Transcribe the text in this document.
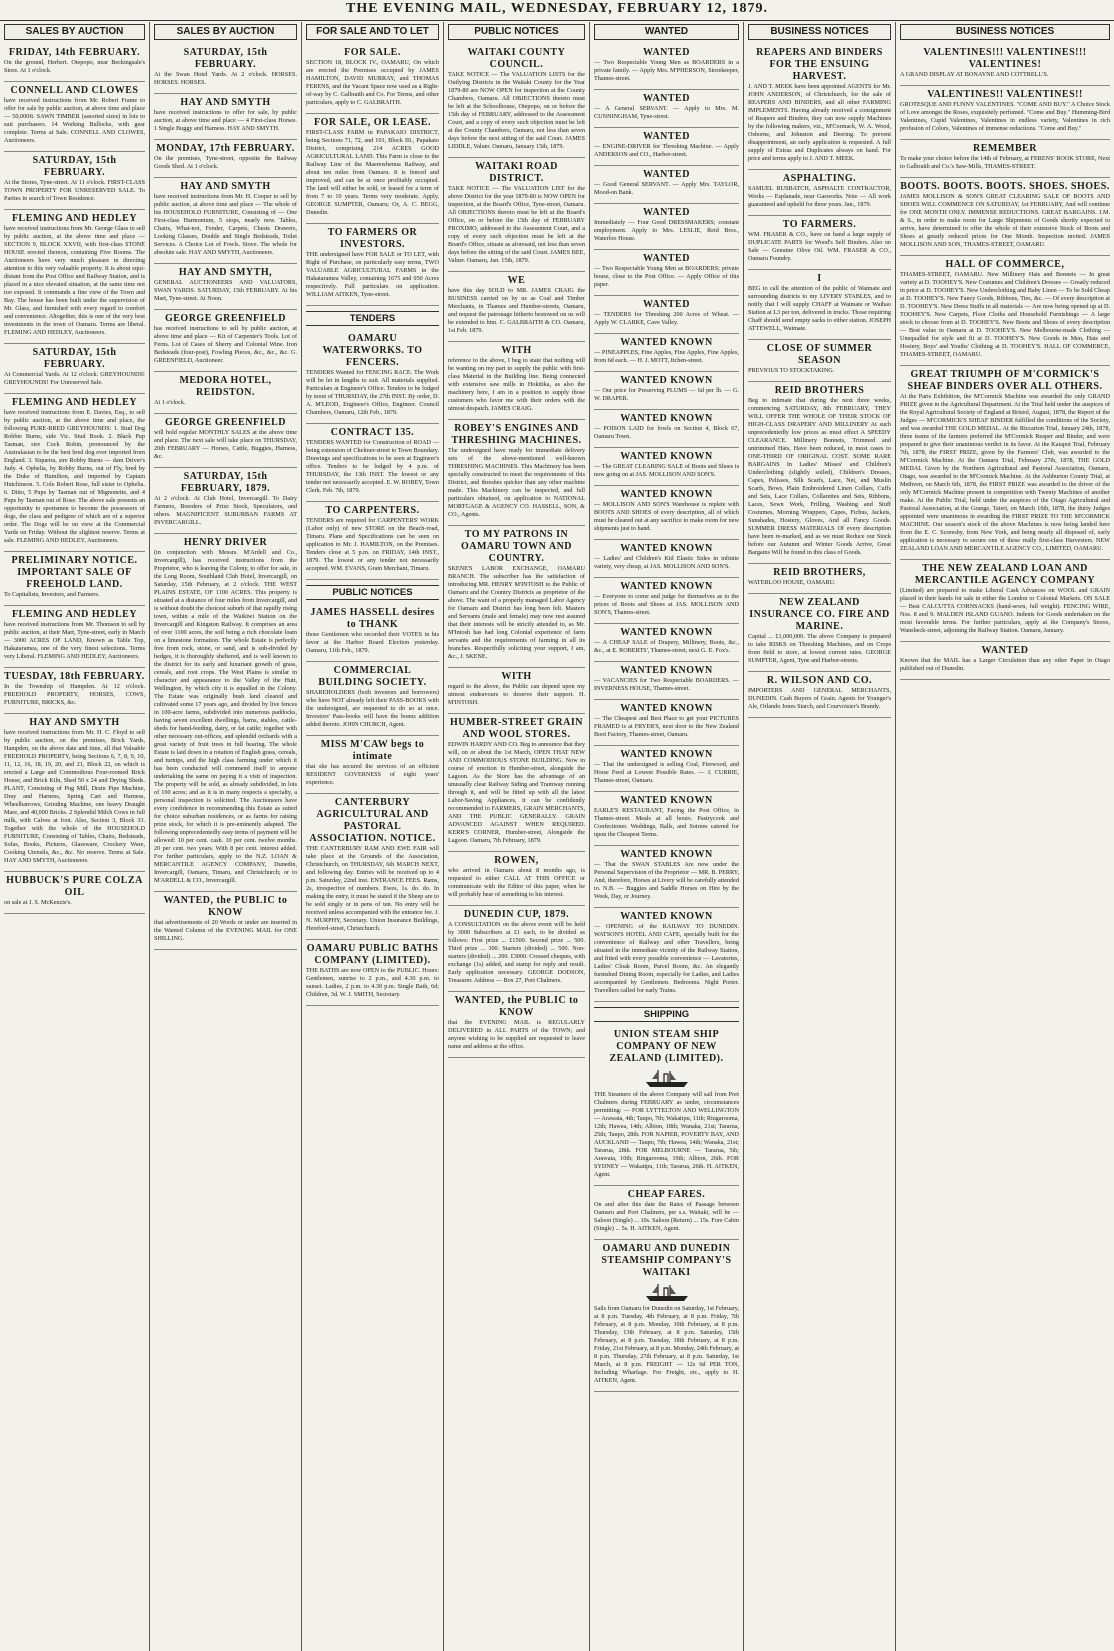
THE EVENING MAIL, WEDNESDAY, FEBRUARY 12, 1879.
SALES BY AUCTION
FRIDAY, 14th FEBRUARY.

On the ground, Herbert. Otepopo, near Beckingsale's Store. At 1 o'clock.

CONNELL AND CLOWES

have received instructions from Mr. Robert Frame to offer for sale by public auction, at above time and place — 50,000ft. SAWN TIMBER (assorted sizes) in lots to suit purchasers. 14 Working Bullocks, with gear complete. Terms at Sale. CONNELL AND CLOWES, Auctioneers.

SATURDAY, 15th FEBRUARY.

At the Stores, Tyne-street. At 11 o'clock. FIRST-CLASS TOWN PROPERTY FOR UNRESERVED SALE. To Parties in search of Town Residence.

FLEMING AND HEDLEY

have received instructions from Mr. George Glass to sell by public auction, at the above time and place — SECTION 9, BLOCK XXVII, with first-class STONE HOUSE erected thereon, containing Five Rooms. The Auctioneers have very much pleasure in directing attention to this very valuable property. It is about equi-distant from the Post Office and Railway Station, and is placed in a nice elevated situation, at the same time not too exposed. It commands a fine view of the Town and Bay. The house has been built under the supervision of Mr. Glass, and furnished with every regard to comfort and convenience. Altogether, this is one of the very best investments in the town of Oamaru. Terms are liberal. FLEMING AND HEDLEY, Auctioneers.

SATURDAY, 15th FEBRUARY.

At Commercial Yards. At 12 o'clock. GREYHOUNDS! GREYHOUNDS! For Unreserved Sale.

FLEMING AND HEDLEY

have received instructions from E. Davies, Esq., to sell by public auction, at the above time and place, the following PURE-BRED GREYHOUNDS: 1. Stud Dog Robbie Burns, side Vic. Stud Book. 2. Black Pup Tasman, sire Cock Robin, pronounced by the Australasian to be the best bred dog ever imported from England. 3. Siqueira, sire Robby Burns — dam Driver's Judy. 4. Ophelia, by Robby Burns, out of Fly, bred by the Duke of Hamilton, and imported by Captain Hutchinson. 5. Cole Robert Rose, full sister to Ophelia. 6. Ditto, 5 Pups by Tasman out of Mignonette, and 4 Pups by Tasman out of Rose. The above sale presents an opportunity to sportsmen to become the possessors of dogs, the class and pedigree of which are of a superior order. The Dogs will be on view at the Commercial Yards on Friday. Without the slightest reserve. Terms at sale. FLEMING AND HEDLEY, Auctioneers.

PRELIMINARY NOTICE. IMPORTANT SALE OF FREEHOLD LAND.

To Capitalists, Investors, and Farmers.

FLEMING AND HEDLEY

have received instructions from Mr. Thomson to sell by public auction, at their Mart, Tyne-street, early in March — 3000 ACRES OF LAND, Known as Table Top, Hakataramea, one of the very finest selections. Terms very Liberal. FLEMING AND HEDLEY, Auctioneers.

TUESDAY, 18th FEBRUARY.

In the Township of Hampden. At 12 o'clock. FREEHOLD PROPERTY, HORSES, COWS, FURNITURE, BRICKS, &c.

HAY AND SMYTH

have received instructions from Mr. H. C. Floyd to sell by public auction, on the premises, Brick Yards, Hampden, on the above date and time, all that Valuable FREEHOLD PROPERTY, being Sections 6, 7, 8, 9, 10, 11, 12, 16, 18, 19, 20, and 21, Block 22, on which is erected a Large and Commodious Four-roomed Brick House, and Brick Kiln, Shed 50 x 24 and Drying Sheds. PLANT, Consisting of Pug Mill, Drain Pipe Machine, Dray and Harness, Spring Cart and Harness, Wheelbarrows, Grinding Machine, one heavy Draught Mare, and 40,000 Bricks. 2 Splendid Milch Cows in full milk, with Calves at foot. Also, Section 3, Block 33. Together with the whole of the HOUSEHOLD FURNITURE, Consisting of Tables, Chairs, Bedsteads, Sofas, Books, Pictures, Glassware, Crockery Ware, Cooking Utensils, &c., &c. No reserve. Terms at Sale. HAY AND SMYTH, Auctioneers.

HUBBUCK'S PURE COLZA OIL

on sale at J. S. McKenzie's.

SALES BY AUCTION
SATURDAY, 15th FEBRUARY.

At the Swan Hotel Yards. At 2 o'clock. HORSES. HORSES. HORSES.

HAY AND SMYTH

have received instructions to offer for sale, by public auction, at above time and place — 4 First-class Horses. 1 Single Buggy and Harness. HAY AND SMYTH.

MONDAY, 17th FEBRUARY.

On the premises, Tyne-street, opposite the Railway Goods Shed. At 1 o'clock.

HAY AND SMYTH

have received instructions from Mr. H. Cooper to sell by public auction, at above time and place — The whole of his HOUSEHOLD FURNITURE, Consisting of — One First-class Harmonium, 5 stops, nearly new. Tables, Chairs, What-not, Fender, Carpets, Chests Drawers, Looking Glasses, Double and Single Bedsteads, Toilet Services. A Choice Lot of Fowls. Stove. The whole for absolute sale. HAY AND SMYTH, Auctioneers.

HAY AND SMYTH,

GENERAL AUCTIONEERS AND VALUATORS, SWAN YARDS. SATURDAY, 15th FEBRUARY. At his Mart, Tyne-street. At Noon.

GEORGE GREENFIELD

has received instructions to sell by public auction, at above time and place — Kit of Carpenter's Tools. Lot of Ferns. Lot of Cases of Sherry and Colonial Wine. Iron Bedsteads (four-post), Fowling Pieces, &c., &c., &c. G. GREENFIELD, Auctioneer.

MEDORA HOTEL, REIDSTON.

At 1 o'clock.

GEORGE GREENFIELD

will hold regular MONTHLY SALES at the above time and place. The next sale will take place on THURSDAY, 20th FEBRUARY — Horses, Cattle, Buggies, Harness, &c.

SATURDAY, 15th FEBRUARY, 1879.

At 2 o'clock. At Club Hotel, Invercargill. To Dairy Farmers, Breeders of Prize Stock, Speculators, and others. MAGNIFICENT SUBURBAN FARMS AT INVERCARGILL.

HENRY DRIVER

(in conjunction with Messrs. M'Ardell and Co., Invercargill), has received instructions from the Proprietor, who is leaving the Colony, to offer for sale, in the Long Room, Southland Club Hotel, Invercargill, on Saturday, 15th February, at 2 o'clock. THE WEST PLAINS ESTATE, OF 1100 ACRES. This property is situated at a distance of four miles from Invercargill, and is without doubt the choicest suburb of that rapidly rising town, within a mile of the Waikiwi Station on the Invercargill and Kingston Railway. It comprises an area of over 1100 acres, the soil being a rich chocolate loam on a limestone formation. The whole Estate is perfectly free from rock, stone, or sand, and is sub-divided by hedges, it is thoroughly sheltered, and is well known to the district for its early and luxuriant growth of grass, cereals, and root crops. The West Plains is similar in character and appearance to the Valley of the Hutt, Wellington, by which city it is equalled in the Colony. The Estate was originally bush land cleared and cultivated some 17 years ago, and divided by live fences in 100-acre farms, subdivided into numerous paddocks, having seven excellent dwellings, barns, stables, cattle-sheds for hand-feeding, dairy, or fat cattle; together with other necessary out-offices, and splendid orchards with a great variety of fruit trees in full bearing. The whole Estate is laid down in a rotation of English grass, cereals, and turnips, and the high class farming under which it has been conducted will commend itself to anyone undertaking the same on paying it a visit of inspection. The property will be sold, as already subdivided, in lots of 100 acres; and as it is in many respects a specialty, a personal inspection is solicited. The Auctioneers have every confidence in recommending this Estate as suited for choice suburban residences, or as farms for raising prize stock, for which it is pre-eminently adapted. The following unprecedentedly easy terms of payment will be allowed: 10 per cent. cash. 10 per cent. twelve months. 20 per cent. two years. With 8 per cent. interest added. For further particulars, apply to the N.Z. LOAN & MERCANTILE AGENCY COMPANY, Dunedin, Invercargill, Oamaru, Timaru, and Christchurch; or to M'ARDELL & CO., Invercargill.

WANTED, the PUBLIC to KNOW

that advertisements of 20 Words or under are inserted in the Wanted Column of the EVENING MAIL for ONE SHILLING.

FOR SALE AND TO LET
FOR SALE.

SECTION 18, BLOCK IV., OAMARU, On which are erected the Premises occupied by JAMES HAMILTON, DAVID MURRAY, and THOMAS FERENS, and the Vacant Space now used as a Right-of-way by C. Galbraith and Co. For Terms, and other particulars, apply to C. GALBRAITH.

FOR SALE, OR LEASE.

FIRST-CLASS FARM in PAPAKAIO DISTRICT, being Sections 71, 72, and 101, Block III., Papakaio District, comprising 214 ACRES GOOD AGRICULTURAL LAND. This Farm is close to the Railway Line of the Maerewhenua Railway, and about ten miles from Oamaru. It is fenced and improved, and can be at once profitably occupied. The land will either be sold, or leased for a term of from 7 to 10 years. Terms very moderate. Apply, GEORGE SUMPTER, Oamaru; Or, A. C. BEGG, Dunedin.

TO FARMERS OR INVESTORS.

THE undersigned have FOR SALE or TO LET, with Right of Purchase, on particularly easy terms, TWO VALUABLE AGRICULTURAL FARMS in the Hakataramea Valley, containing 1675 and 950 Acres respectively. Full particulars on application. WILLIAM AITKEN, Tyne-street.

TENDERS
OAMARU WATERWORKS. TO FENCERS.

TENDERS Wanted for FENCING RACE. The Work will be let in lengths to suit. All materials supplied. Particulars at Engineer's Office. Tenders to be lodged by noon of THURSDAY, the 27th INST. By order, D. A. M'LEOD, Engineer's Office, Engineer. Council Chambers, Oamaru, 12th Feb., 1879.

CONTRACT 135.

TENDERS WANTED for Construction of ROAD — being extension of Chelmer-street to Town Boundary. Drawings and specifications to be seen at Engineer's office. Tenders to be lodged by 4 p.m. of THURSDAY, the 13th INST. The lowest or any tender not necessarily accepted. E. W. ROBEY, Town Clerk. Feb. 7th, 1879.

TO CARPENTERS.

TENDERS are required for CARPENTERS' WORK (Labor only) of new STORE on the Beach-road, Timaru. Plans and Specifications can be seen on application to Mr. J. HAMILTON, on the Premises. Tenders close at 5 p.m. on FRIDAY, 14th INST., 1879. The lowest or any tender not necessarily accepted. WM. EVANS, Grain Merchant, Timaru.

PUBLIC NOTICES
JAMES HASSELL desires to THANK

those Gentlemen who recorded their VOTES in his favor at the Harbor Board Election yesterday. Oamaru, 11th Feb., 1879.

COMMERCIAL BUILDING SOCIETY.

SHAREHOLDERS (both investors and borrowers) who have NOT already left their PASS-BOOKS with the undersigned, are requested to do so at once. Investors' Pass-books will have the bonus addition added thereto. JOHN CHURCH, Agent.

MISS M'CAW begs to intimate

that she has secured the services of an efficient RESIDENT GOVERNESS of eight years' experience.

CANTERBURY AGRICULTURAL AND PASTORAL ASSOCIATION. NOTICE.

THE CANTERBURY RAM AND EWE FAIR will take place at the Grounds of the Association, Christchurch, on THURSDAY, 6th MARCH NEXT, and following day. Entries will be received up to 4 p.m. Saturday, 22nd inst. ENTRANCE FEES. Rams, 2s, irrespective of numbers. Ewes, 1s. do. do. In making the entry, it must be stated if the Sheep are to be sold singly or in pens of ten. No entry will be received unless accompanied with the entrance fee. J. N. MURPHY, Secretary. Union Insurance Buildings, Hereford-street, Christchurch.

OAMARU PUBLIC BATHS COMPANY (LIMITED).

THE BATHS are now OPEN to the PUBLIC. Hours: Gentlemen, sunrise to 2 p.m., and 4.30 p.m. to sunset. Ladies, 2 p.m. to 4.30 p.m. Single Bath, 6d; Children, 3d. W. J. SMITH, Secretary.

PUBLIC NOTICES
WAITAKI COUNTY COUNCIL.

TAKE NOTICE — The VALUATION LISTS for the Outlying Districts in the Waitaki County for the Year 1879-80 are NOW OPEN for inspection at the County Chambers, Oamaru. All OBJECTIONS thereto must be left at the Schoolhouse, Otepopo, on or before the 15th day of FEBRUARY, addressed to the Assessment Court, and a copy of every such objection must be left at the County Chambers, Oamaru, not less than seven days before the next sitting of the said Court. JAMES LIDDLE, Valuer. Oamaru, January 15th, 1879.

WAITAKI ROAD DISTRICT.

TAKE NOTICE — The VALUATION LIST for the above District for the year 1879-80 is NOW OPEN for inspection, at the Board's Office, Tyne-street, Oamaru. All OBJECTIONS thereto must be left at the Board's Office, on or before the 15th day of FEBRUARY PROXIMO, addressed to the Assessment Court, and a copy of every such objection must be left at the Board's Office, situate as aforesaid, not less than seven days before the sitting of the said Court. JAMES BEE, Valuer. Oamaru, Jan. 15th, 1879.

WE

have this day SOLD to MR. JAMES CRAIG the BUSINESS carried on by us as Coal and Timber Merchants, in Thames and Humber-streets, Oamaru, and request the patronage hitherto bestowed on us will be extended to him. C. GALBRAITH & CO. Oamaru, 1st Feb. 1879.

WITH

reference to the above, I beg to state that nothing will be wanting on my part to supply the public with first-class Material in the Building line. Being connected with extensive saw mills in Hokitika, as also the machinery here, I am in a position to supply those customers who favor me with their orders with the utmost despatch. JAMES CRAIG.

ROBEY'S ENGINES AND THRESHING MACHINES.

The undersigned have ready for immediate delivery sets of the above-mentioned well-known THRESHING MACHINES. This Machinery has been specially constructed to meet the requirements of this District, and threshes quicker than any other machine made. This Machinery can be inspected, and full particulars obtained, on application to NATIONAL MORTGAGE & AGENCY CO. HASSELL, SON, & CO., Agents.

TO MY PATRONS IN OAMARU TOWN AND COUNTRY.

SKENE'S LABOR EXCHANGE, OAMARU BRANCH. The subscriber has the satisfaction of introducing MR. HENRY M'INTOSH to the Public of Oamaru and the Country Districts as proprietor of the above. The want of a properly managed Labor Agency for Oamaru and District has long been felt. Masters and Servants (male and female) may now rest assured that their interests will be strictly attended to, as Mr. M'Intosh has had long Colonial experience of farm servants and the requirements of farming in all its branches. Respectfully soliciting your support, I am, &c., J. SKENE.

WITH

regard to the above, the Public can depend upon my utmost endeavours to deserve their support. H. M'INTOSH.

HUMBER-STREET GRAIN AND WOOL STORES.

EDWIN HARDY AND CO. Beg to announce that they will, on or about the 1st March, OPEN THAT NEW AND COMMODIOUS STONE BUILDING. Now in course of erection in Humber-street, alongside the Lagoon. As the Store has the advantage of an unusually clear Railway Siding and Tramway running through it, and will be fitted up with all the latest Labor-Saving Appliances, it can be confidently recommended to FARMERS, GRAIN MERCHANTS, AND THE PUBLIC GENERALLY. GRAIN ADVANCED AGAINST WHEN REQUIRED. KERR'S CORNER, Humber-street, Alongside the Lagoon. Oamaru, 7th February, 1879.

ROWEN,

who arrived in Oamaru about 8 months ago, is requested to either CALL AT THIS OFFICE or communicate with the Editor of this paper, when he will probably hear of something to his interest.

DUNEDIN CUP, 1879.

A CONSULTATION on the above event will be held by 3000 Subscribers at £1 each, to be divided as follows: First prize ... £1500. Second prize ... 500. Third prize ... 300. Starters (divided) ... 500. Non-starters (divided) ... 200. £3000. Crossed cheques, with exchange (1s) added, and stamp for reply and result. Early application necessary. GEORGE DODSON, Treasurer. Address — Box 27, Port Chalmers.

WANTED, the PUBLIC to KNOW

that the EVENING MAIL is REGULARLY DELIVERED in ALL PARTS of the TOWN; and anyone wishing to be supplied are requested to leave name and address at the office.

WANTED
WANTED

— Two Respectable Young Men as BOARDERS in a private family. — Apply Mrs. M'PHERSON, Storekeeper, Thames-street.

WANTED

— A General SERVANT. — Apply to Mrs. M. CUNNINGHAM, Tyne-street.

WANTED

— ENGINE-DRIVER for Threshing Machine. — Apply ANDERSON and CO., Harbor-street.

WANTED

— Good General SERVANT. — Apply Mrs. TAYLOR, Mood-on Bank.

WANTED

Immediately — Four Good DRESSMAKERS; constant employment. Apply to Mrs. LESLIE, Reid Bros., Waterloo House.

WANTED

— Two Respectable Young Men as BOARDERS; private house, close to the Post Office. — Apply Office of this paper.

WANTED

— TENDERS for Threshing 200 Acres of Wheat. — Apply W. CLARKE, Cave Valley.

WANTED KNOWN

— PINEAPPLES, Fine Apples, Fine Apples, Fine Apples, from 6d each. — H. J. MOTT, Itchen-street.

WANTED KNOWN

— Our price for Preserving PLUMS — 6d per lb. — G. W. DRAPER.

WANTED KNOWN

— POISON LAID for fowls on Section 4, Block 67, Oamaru Town.

WANTED KNOWN

— The GREAT CLEARING SALE of Boots and Shoes is now going on at JAS. MOLLISON AND SON'S.

WANTED KNOWN

— MOLLISON AND SON'S Warehouse is replete with BOOTS AND SHOES of every description, all of which must be cleared out at any sacrifice to make room for new shipments just to hand.

WANTED KNOWN

— Ladies' and Children's Kid Elastic Sides in infinite variety, very cheap, at JAS. MOLLISON AND SON'S.

WANTED KNOWN

— Everyone to come and judge for themselves as to the prices of Boots and Shoes at JAS. MOLLISON AND SON'S, Thames-street.

WANTED KNOWN

— A CHEAP SALE of Drapery, Millinery, Boots, &c., &c., at E. ROBERTS', Thames-street, next G. E. Fox's.

WANTED KNOWN

— VACANCIES for Two Respectable BOARDERS. — INVERNESS HOUSE, Thames-street.

WANTED KNOWN

— The Cheapest and Best Place to get your PICTURES FRAMED is at FRYER'S, next door to the New Zealand Boot Factory, Thames-street, Oamaru.

WANTED KNOWN

— That the undersigned is selling Coal, Firewood, and Horse Feed at Lowest Possible Rates. — J. CURRIE, Thames-street, Oamaru.

WANTED KNOWN

EARLE'S RESTAURANT, Facing the Post Office, in Thames-street. Meals at all hours. Pastrycook and Confectioner. Weddings, Balls, and Soirees catered for upon the Cheapest Terms.

WANTED KNOWN

— That the SWAN STABLES Are now under the Personal Supervision of the Proprietor — MR. B. PERRY, And, therefore, Horses at Livery will be carefully attended to. N.B. — Buggies and Saddle Horses on Hire by the Week, Day, or Journey.

WANTED KNOWN

— OPENING of the RAILWAY TO DUNEDIN. WATSON'S HOTEL AND CAFE, specially built for the convenience of Railway and other Travellers, being situated in the immediate vicinity of the Railway Station, and fitted with every possible convenience — Lavatories, Ladies' Cloak Room, Parcel Room, &c. An elegantly furnished Dining Room, especially for Ladies, and Ladies accompanied by Gentlemen. Bedrooms. Night Porter. Travellers called for early Trains.

SHIPPING
UNION STEAM SHIP COMPANY OF NEW ZEALAND (LIMITED).

THE Steamers of the above Company will sail from Port Chalmers during FEBRUARY as under, circumstances permitting: — FOR LYTTELTON AND WELLINGTON — Arawata, 4th; Taupo, 7th; Wakatipu, 11th; Ringarooma, 12th; Hawea, 14th; Albion, 18th; Wanaka, 21st; Tararua, 25th; Taupo, 28th. FOR NAPIER, POVERTY BAY, AND AUCKLAND — Taupo, 7th; Hawea, 14th; Wanaka, 21st; Tararua, 28th. FOR MELBOURNE — Tararua, 5th; Arawata, 10th; Ringarooma, 19th; Albion, 26th. FOR SYDNEY — Wakatipu, 11th; Tararua, 26th. H. AITKEN, Agent.

CHEAP FARES.

On and after this date the Rates of Passage between Oamaru and Port Chalmers, per s.s. Waitaki, will be — Saloon (Single) ... 10s. Saloon (Return) ... 15s. Fore Cabin (Single) ... 5s. H. AITKEN, Agent.

OAMARU AND DUNEDIN STEAMSHIP COMPANY'S WAITAKI

Sails from Oamaru for Dunedin on Saturday, 1st February, at 8 p.m. Tuesday, 4th February, at 8 p.m. Friday, 7th February, at 8 p.m. Monday, 10th February, at 8 p.m. Thursday, 13th February, at 8 p.m. Saturday, 15th February, at 8 p.m. Tuesday, 18th February, at 8 p.m. Friday, 21st February, at 8 p.m. Monday, 24th February, at 8 p.m. Thursday, 27th February, at 8 p.m. Saturday, 1st March, at 8 p.m. FREIGHT — 12s 6d PER TON, Including Wharfage. For Freight, etc., apply to H. AITKEN, Agent.

BUSINESS NOTICES
REAPERS AND BINDERS FOR THE ENSUING HARVEST.

J. AND T. MEEK have been appointed AGENTS for Mr. JOHN ANDERSON, of Christchurch, for the sale of REAPERS AND BINDERS, and all other FARMING IMPLEMENTS. Having already received a consignment of Reapers and Binders, they can now supply Machines by the following makers, viz., M'Cormack, W. A. Wood, Osborne, and Johnston and Deering. To prevent disappointment, an early application is requested. A full supply of Extras and Duplicates always on hand. For price and terms apply to J. AND T. MEEK.

ASPHALTING.

SAMUEL RUSBATCH, ASPHALTE CONTRACTOR, Works — Esplanade, near Gasworks. Note — All work guaranteed and upheld for three years. Jan., 1879.

TO FARMERS.

WM. FRASER & CO., have on hand a large supply of DUPLICATE PARTS for Wood's Self Binders. Also on Sale — Genuine Olive Oil. WM. FRASER & CO., Oamaru Foundry.

I

BEG to call the attention of the public of Waimate and surrounding districts to my LIVERY STABLES, and to notify that I will supply CHAFF at Waimate or Waihao Station at L3 per ton, delivered in trucks. Those requiring Chaff should send empty sacks to either station. JOSEPH ATTEWELL, Waimate.

CLOSE OF SUMMER SEASON

PREVIOUS TO STOCKTAKING.

REID BROTHERS

Beg to intimate that during the next three weeks, commencing SATURDAY, 8th FEBRUARY, THEY WILL OFFER THE WHOLE OF THEIR STOCK OF HIGH-CLASS DRAPERY AND MILLINERY At such unprecedentedly low prices as must effect A SPEEDY CLEARANCE. Millinery Bonnets, Trimmed and untrimmed Hats, Have been reduced, in most cases to ONE-THIRD OF ORIGINAL COST. SOME RARE BARGAINS In Ladies' Misses' and Children's Underclothing (slightly soiled), Children's Dresses, Capes, Pelisses, Silk Scarfs, Lace, Net, and Muslin Scarfs, Bows, Plain Embroidered Linen Collars, Cuffs and Sets, Lace Collars, Collarettes and Sets, Ribbons, Laces, Sewn Work, Frilling, Washing and Stuff Costumes, Morning Wrappers, Capes, Fichus, Jackets, Sunshades, Hosiery, Gloves, And all Fancy Goods. SUMMER DRESS MATERIALS Of every description have been re-marked, and as we must Reduce our Stock before our Autumn and Winter Goods Arrive, Great Bargains Will be found in this class of Goods.

REID BROTHERS,

WATERLOO HOUSE, OAMARU.

NEW ZEALAND INSURANCE CO. FIRE AND MARINE.

Capital ... £1,000,000. The above Company is prepared to take RISKS on Threshing Machines, and on Crops from field to store, at lowest current rates. GEORGE SUMPTER, Agent, Tyne and Harbor-streets.

R. WILSON AND CO.

IMPORTERS AND GENERAL MERCHANTS, DUNEDIN. Cash Buyers of Grain. Agents for Younger's Ale, Orlando Jones Starch, and Courvoisier's Brandy.

BUSINESS NOTICES
VALENTINES!!! VALENTINES!!! VALENTINES!

A GRAND DISPLAY AT BONAYNE AND COTTRELL'S.

VALENTINES!! VALENTINES!!

GROTESQUE AND FUNNY VALENTINES. "COME AND BUY." A Choice Stock of Love amongst the Roses, exquisitely perfumed. "Come and Buy." Humming-Bird Valentines, Cupid Valentines, Valentines in endless variety, Valentines in rich profusion of Colors, Valentines of immense reductions. "Come and Buy."

REMEMBER

To make your choice before the 14th of February, at FERENS' BOOK STORE, Next to Galbraith and Co.'s Saw-Mills, THAMES-STREET.

BOOTS. BOOTS. BOOTS. SHOES. SHOES.

JAMES MOLLISON & SON'S GREAT CLEARING SALE OF BOOTS AND SHOES WILL COMMENCE ON SATURDAY, 1st FEBRUARY, And will continue for ONE MONTH ONLY. IMMENSE REDUCTIONS. GREAT BARGAINS. J.M. & S., in order to make room for Large Shipments of Goods shortly expected to arrive, have determined to offer the whole of their extensive Stock of Boots and Shoes at greatly reduced prices for One Month. Inspection invited. JAMES MOLLISON AND SON, THAMES-STREET, OAMARU.

HALL OF COMMERCE,

THAMES-STREET, OAMARU. New Millinery Hats and Bonnets — In great variety at D. TOOHEY'S. New Costumes and Children's Dresses — Greatly reduced in price at D. TOOHEY'S. New Underclothing and Baby Linen — To be Sold Cheap at D. TOOHEY'S. New Fancy Goods, Ribbons, Ties, &c. — Of every description at D. TOOHEY'S. New Dress Stuffs in all materials — Are now being opened up at D. TOOHEY'S. New Carpets, Floor Cloths and Household Furnishings — A large stock to choose from at D. TOOHEY'S. New Boots and Shoes of every description — Best value in Oamaru at D. TOOHEY'S. New Melbourne-made Clothing — Unequalled for style and fit at D. TOOHEY'S. New Goods in Men, Hats and Hosiery, Boys' and Youths' Clothing at D. TOOHEY'S. HALL OF COMMERCE, THAMES-STREET, OAMARU.

GREAT TRIUMPH OF M'CORMICK'S SHEAF BINDERS OVER ALL OTHERS.

At the Paris Exhibition, the M'Cormick Machine was awarded the only GRAND PRIZE given in the Agricultural Department. At the Trial held under the auspices of the Royal Agricultural Society of England at Bristol, August, 1878, the Report of the Judges — M'CORMICK'S SHEAF BINDER fulfilled the conditions of the Society, and was awarded THE GOLD MEDAL. At the Riccarton Trial, January 24th, 1878, three teams of the farmers preferred the M'Cormick Reaper and Binder, and were prepared to give their unanimous verdict in its favor. At the Kaiapoi Trial, February 7th, 1878, the FIRST PRIZE, given by the Farmers' Club, was awarded to the M'Cormick Machine. At the Oamaru Trial, February 27th, 1878, THE GOLD MEDAL Given by the Northern Agricultural and Pastoral Association, Oamaru, Otago, was awarded to the M'Cormick Machine. At the Ashburton County Trial, at Methven, on March 6th, 1878, the FIRST PRIZE was awarded to the driver of the only M'Cormick Machine present in competition with Twenty Machines of another make. At the Public Trial, held under the auspices of the Otago Agricultural and Pastoral Association, at the Grange, Taieri, on March 16th, 1878, the thirty Judges appointed were unanimous in awarding the FIRST PRIZE TO THE M'CORMICK MACHINE. Our season's stock of the above Machines is now being landed here from the E. C. Scoresby, from New York, and being nearly all disposed of, early application is necessary to secure one of these really first-class Harvesters. NEW ZEALAND LOAN AND MERCANTILE AGENCY CO., LIMITED, OAMARU.

THE NEW ZEALAND LOAN AND MERCANTILE AGENCY COMPANY

(Limited) are prepared to make Liberal Cash Advances on WOOL and GRAIN placed in their hands for sale in either the London or Colonial Markets. ON SALE — Best CALCUTTA CORNSACKS (hand-sewn, full weight). FENCING WIRE, Nos. 8 and 9. MALDEN ISLAND GUANO. Indents for Goods undertaken on the most favorable terms. For further particulars, apply at the Company's Stores, Wansbeck-street, adjoining the Railway Station. Oamaru, January.

WANTED

Known that the MAIL has a Larger Circulation than any other Paper in Otago published out of Dunedin.
